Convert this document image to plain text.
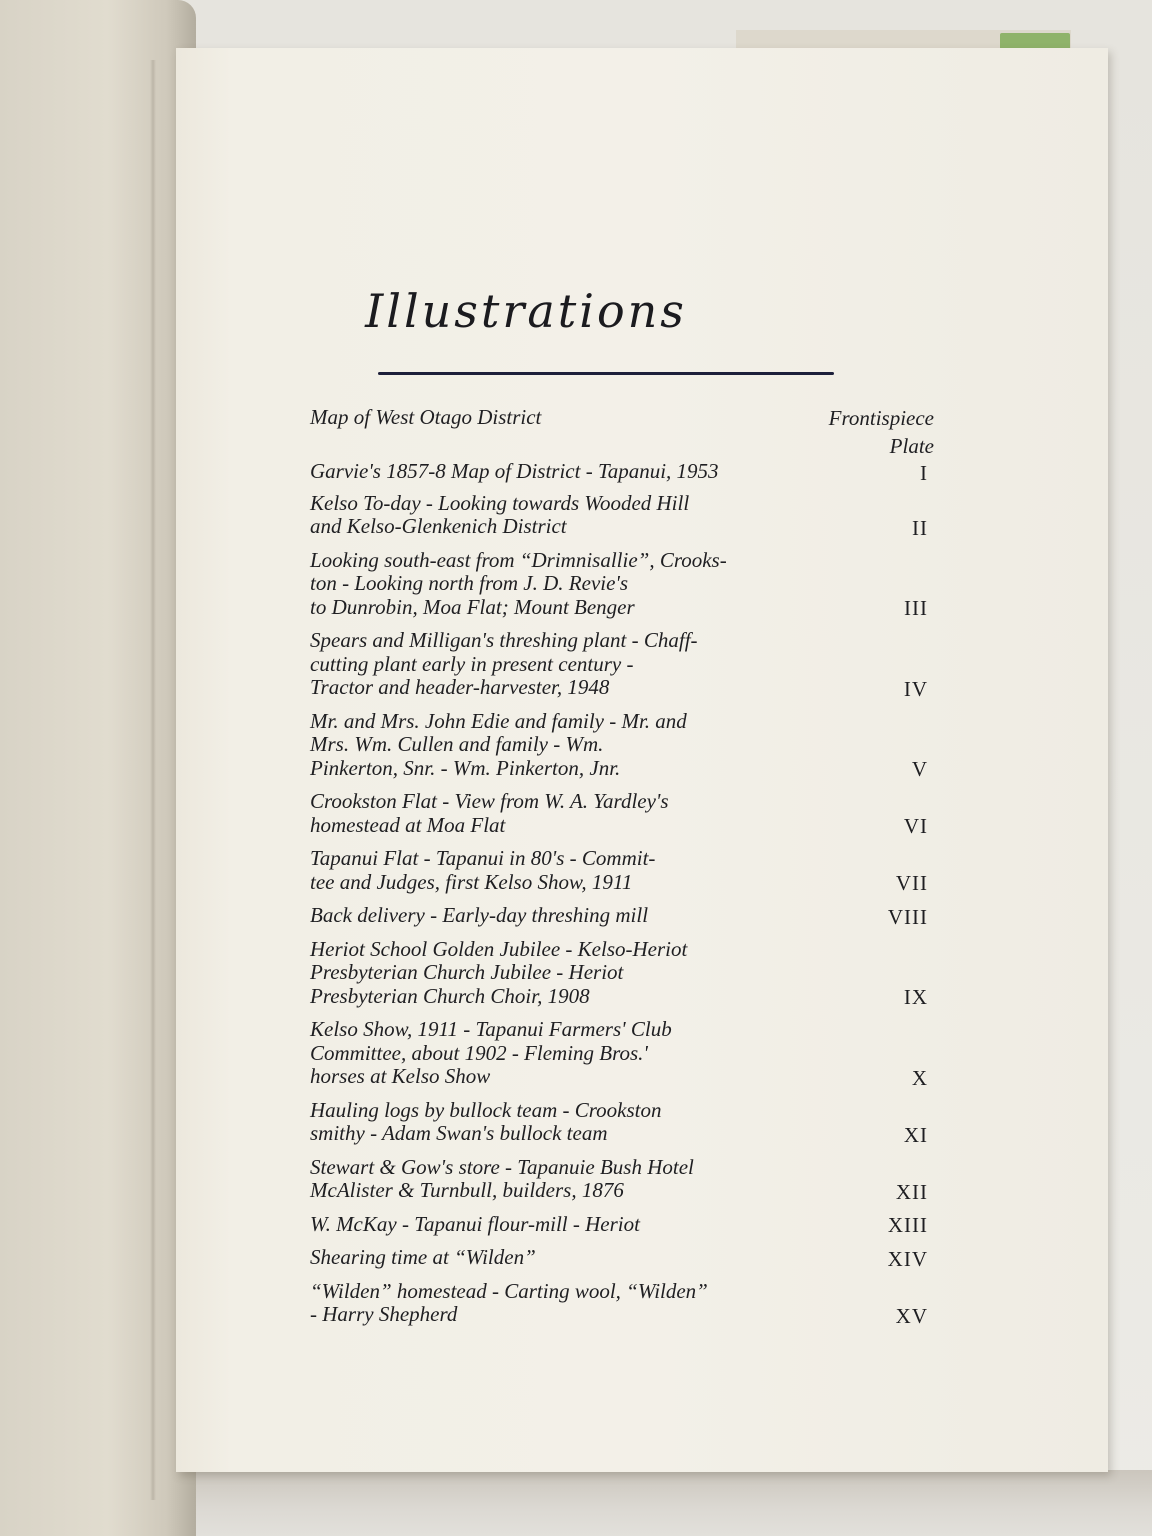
Illustrations
Map of West Otago District	Frontispiece
Plate
Garvie's 1857-8 Map of District - Tapanui, 1953	I
Kelso To-day - Looking towards Wooded Hill
and Kelso-Glenkenich District	II
Looking south-east from “Drimnisallie”, Crooks-
ton - Looking north from J. D. Revie's
to Dunrobin, Moa Flat; Mount Benger	III
Spears and Milligan's threshing plant - Chaff-
cutting plant early in present century -
Tractor and header-harvester, 1948	IV
Mr. and Mrs. John Edie and family - Mr. and
Mrs. Wm. Cullen and family - Wm.
Pinkerton, Snr. - Wm. Pinkerton, Jnr.	V
Crookston Flat - View from W. A. Yardley's
homestead at Moa Flat	VI
Tapanui Flat - Tapanui in 80's - Commit-
tee and Judges, first Kelso Show, 1911	VII
Back delivery - Early-day threshing mill	VIII
Heriot School Golden Jubilee - Kelso-Heriot
Presbyterian Church Jubilee - Heriot
Presbyterian Church Choir, 1908	IX
Kelso Show, 1911 - Tapanui Farmers' Club
Committee, about 1902 - Fleming Bros.'
horses at Kelso Show	X
Hauling logs by bullock team - Crookston
smithy - Adam Swan's bullock team	XI
Stewart & Gow's store - Tapanuie Bush Hotel
McAlister & Turnbull, builders, 1876	XII
W. McKay - Tapanui flour-mill - Heriot	XIII
Shearing time at “Wilden”	XIV
“Wilden” homestead - Carting wool, “Wilden”
- Harry Shepherd	XV
